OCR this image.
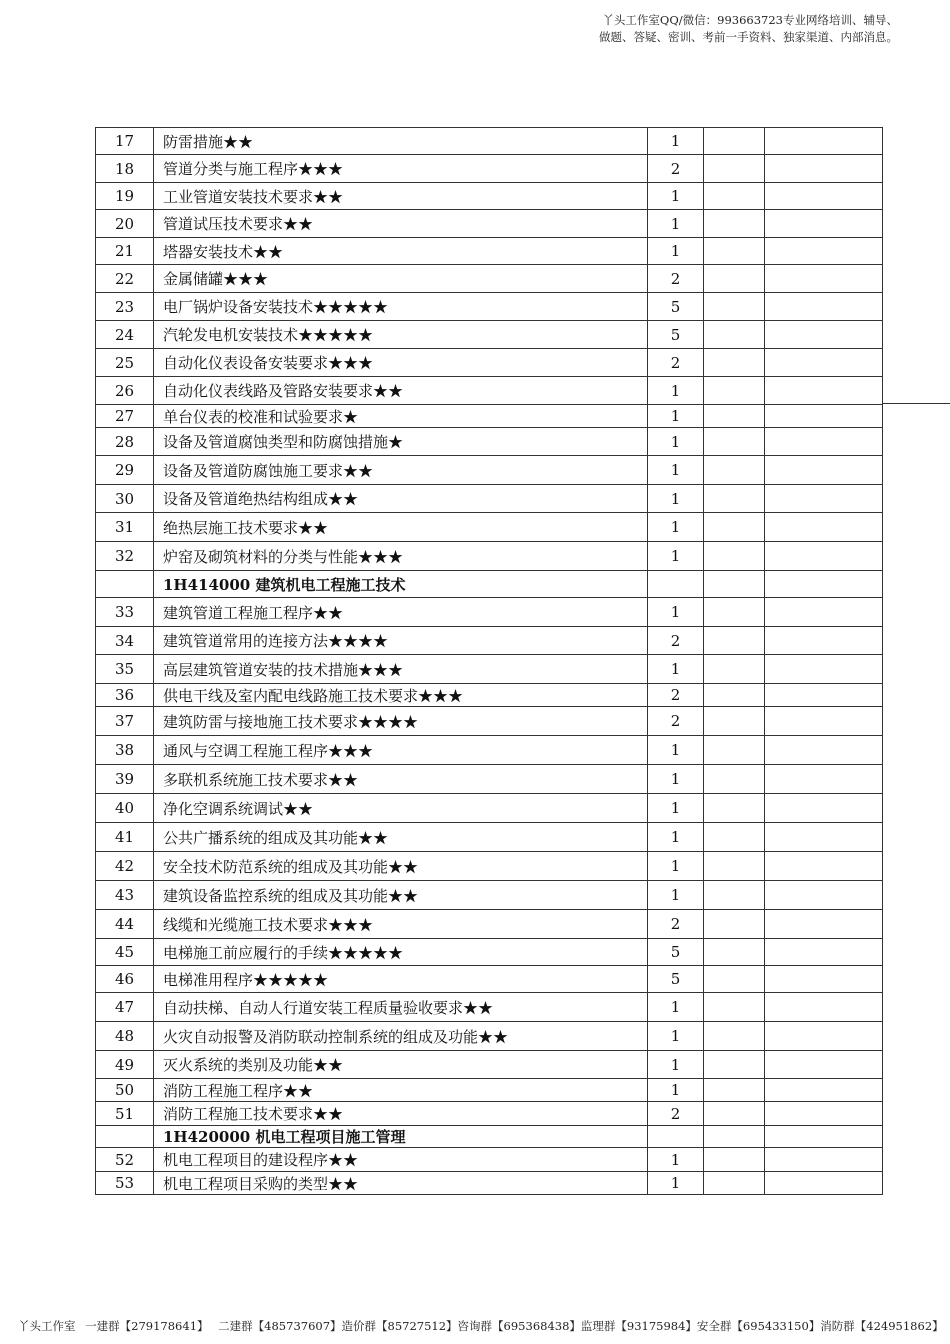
丫头工作室QQ/微信：993663723专业网络培训、辅导、
做题、答疑、密训、考前一手资料、独家渠道、内部消息。
17	防雷措施★★	1		
18	管道分类与施工程序★★★	2		
19	工业管道安装技术要求★★	1		
20	管道试压技术要求★★	1		
21	塔器安装技术★★	1		
22	金属储罐★★★	2		
23	电厂锅炉设备安装技术★★★★★	5		
24	汽轮发电机安装技术★★★★★	5		
25	自动化仪表设备安装要求★★★	2		
26	自动化仪表线路及管路安装要求★★	1		
27	单台仪表的校准和试验要求★	1		
28	设备及管道腐蚀类型和防腐蚀措施★	1		
29	设备及管道防腐蚀施工要求★★	1		
30	设备及管道绝热结构组成★★	1		
31	绝热层施工技术要求★★	1		
32	炉窑及砌筑材料的分类与性能★★★	1		
	1H414000 建筑机电工程施工技术			
33	建筑管道工程施工程序★★	1		
34	建筑管道常用的连接方法★★★★	2		
35	高层建筑管道安装的技术措施★★★	1		
36	供电干线及室内配电线路施工技术要求★★★	2		
37	建筑防雷与接地施工技术要求★★★★	2		
38	通风与空调工程施工程序★★★	1		
39	多联机系统施工技术要求★★	1		
40	净化空调系统调试★★	1		
41	公共广播系统的组成及其功能★★	1		
42	安全技术防范系统的组成及其功能★★	1		
43	建筑设备监控系统的组成及其功能★★	1		
44	线缆和光缆施工技术要求★★★	2		
45	电梯施工前应履行的手续★★★★★	5		
46	电梯准用程序★★★★★	5		
47	自动扶梯、自动人行道安装工程质量验收要求★★	1		
48	火灾自动报警及消防联动控制系统的组成及功能★★	1		
49	灭火系统的类别及功能★★	1		
50	消防工程施工程序★★	1		
51	消防工程施工技术要求★★	2		
	1H420000 机电工程项目施工管理			
52	机电工程项目的建设程序★★	1		
53	机电工程项目采购的类型★★	1		
丫头工作室 一建群【279178641】 二建群【485737607】造价群【85727512】咨询群【695368438】监理群【93175984】安全群【695433150】消防群【424951862】
